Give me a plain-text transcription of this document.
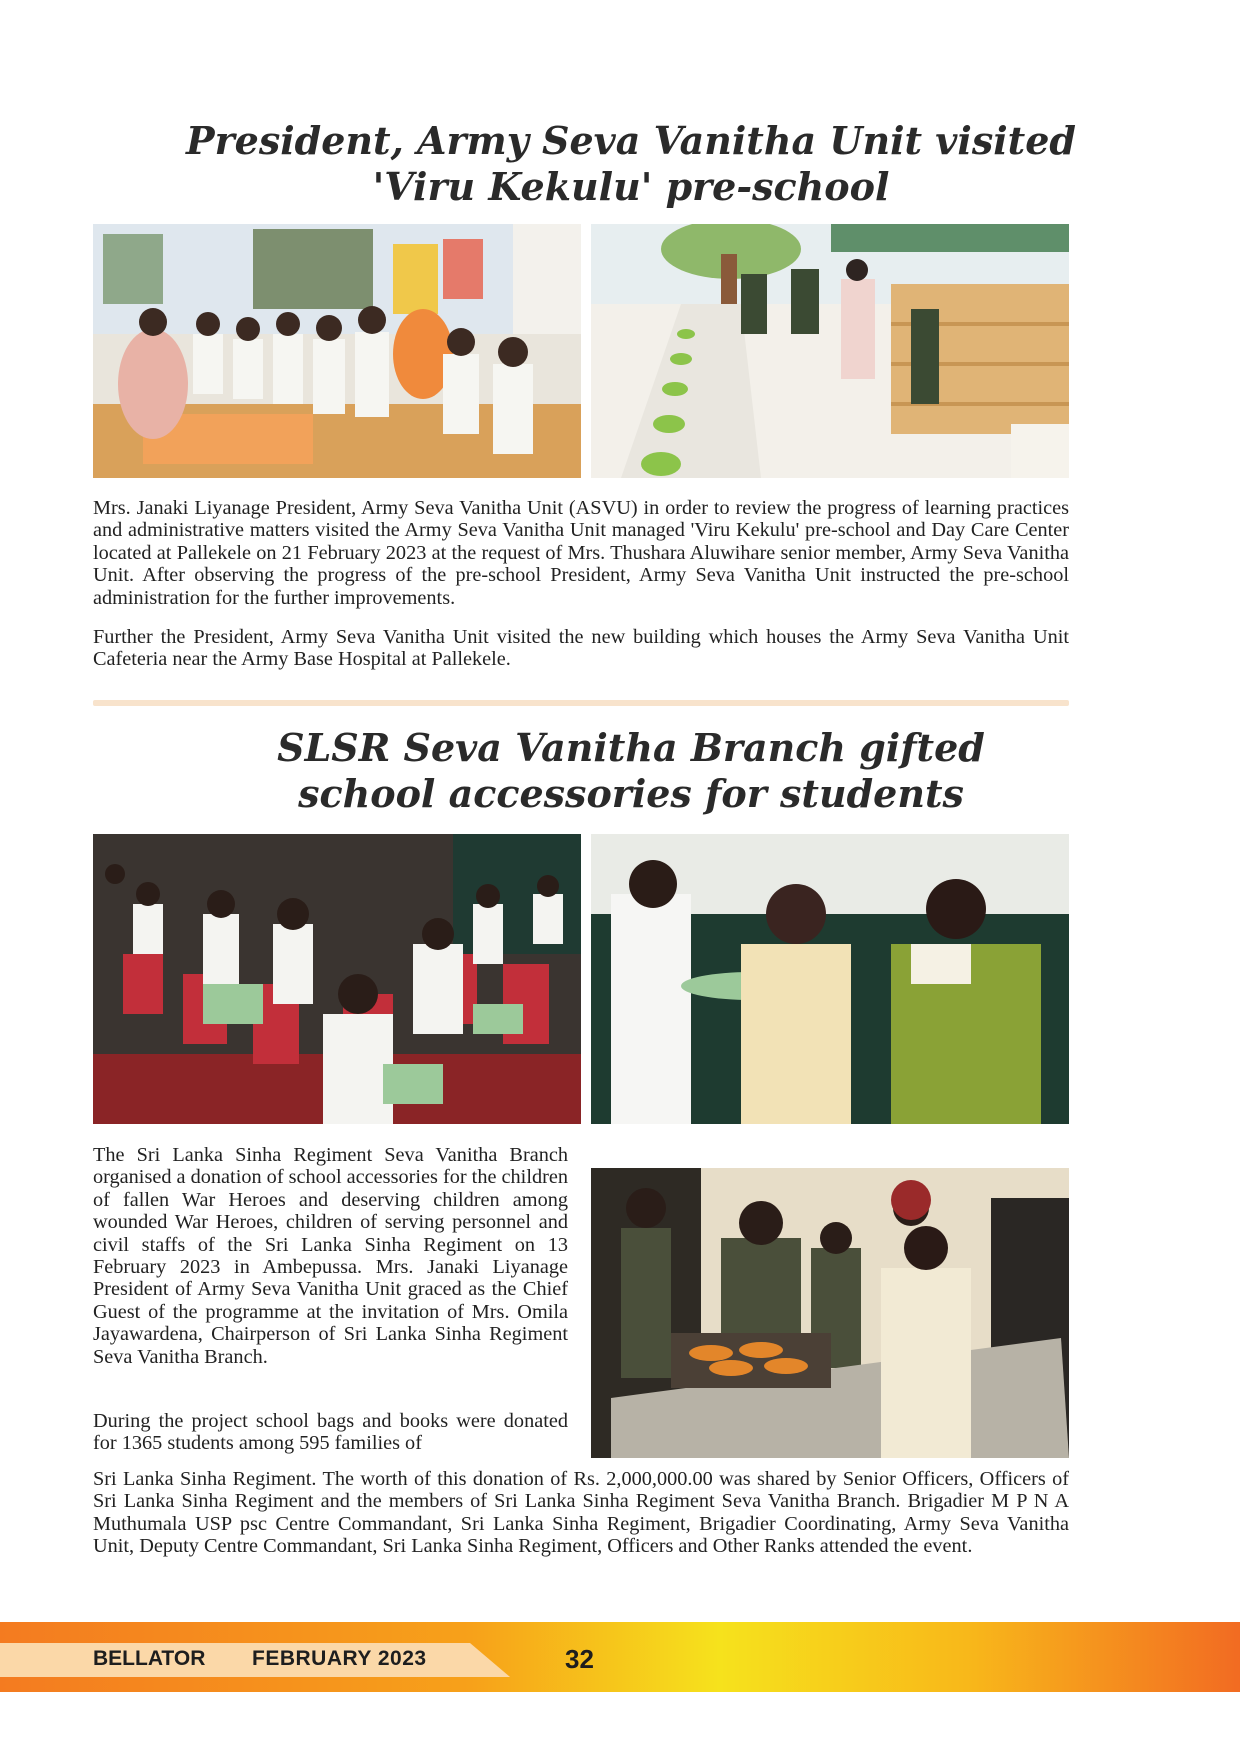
President, Army Seva Vanitha Unit visited
'Viru Kekulu' pre-school

Mrs. Janaki Liyanage President, Army Seva Vanitha Unit (ASVU) in order to review the progress of learning practices and administrative matters visited the Army Seva Vanitha Unit managed 'Viru Kekulu' pre-school and Day Care Center located at Pallekele on 21 February 2023 at the request of Mrs. Thushara Aluwihare senior member, Army Seva Vanitha Unit. After observing the progress of the pre-school President, Army Seva Vanitha Unit instructed the pre-school administration for the further improvements.

Further the President, Army Seva Vanitha Unit visited the new building which houses the Army Seva Vanitha Unit Cafeteria near the Army Base Hospital at Pallekele.

SLSR Seva Vanitha Branch gifted
school accessories for students

The Sri Lanka Sinha Regiment Seva Vanitha Branch organised a donation of school accessories for the children of fallen War Heroes and deserving children among wounded War Heroes, children of serving personnel and civil staffs of the Sri Lanka Sinha Regiment on 13 February 2023 in Ambepussa. Mrs. Janaki Liyanage President of Army Seva Vanitha Unit graced as the Chief Guest of the programme at the invitation of Mrs. Omila Jayawardena, Chairperson of Sri Lanka Sinha Regiment Seva Vanitha Branch.

During the project school bags and books were donated for 1365 students among 595 families of

Sri Lanka Sinha Regiment. The worth of this donation of Rs. 2,000,000.00 was shared by Senior Officers, Officers of Sri Lanka Sinha Regiment and the members of Sri Lanka Sinha Regiment Seva Vanitha Branch. Brigadier M P N A Muthumala USP psc Centre Commandant, Sri Lanka Sinha Regiment, Brigadier Coordinating, Army Seva Vanitha Unit, Deputy Centre Commandant, Sri Lanka Sinha Regiment, Officers and Other Ranks attended the event.

BELLATOR FEBRUARY 2023	32
